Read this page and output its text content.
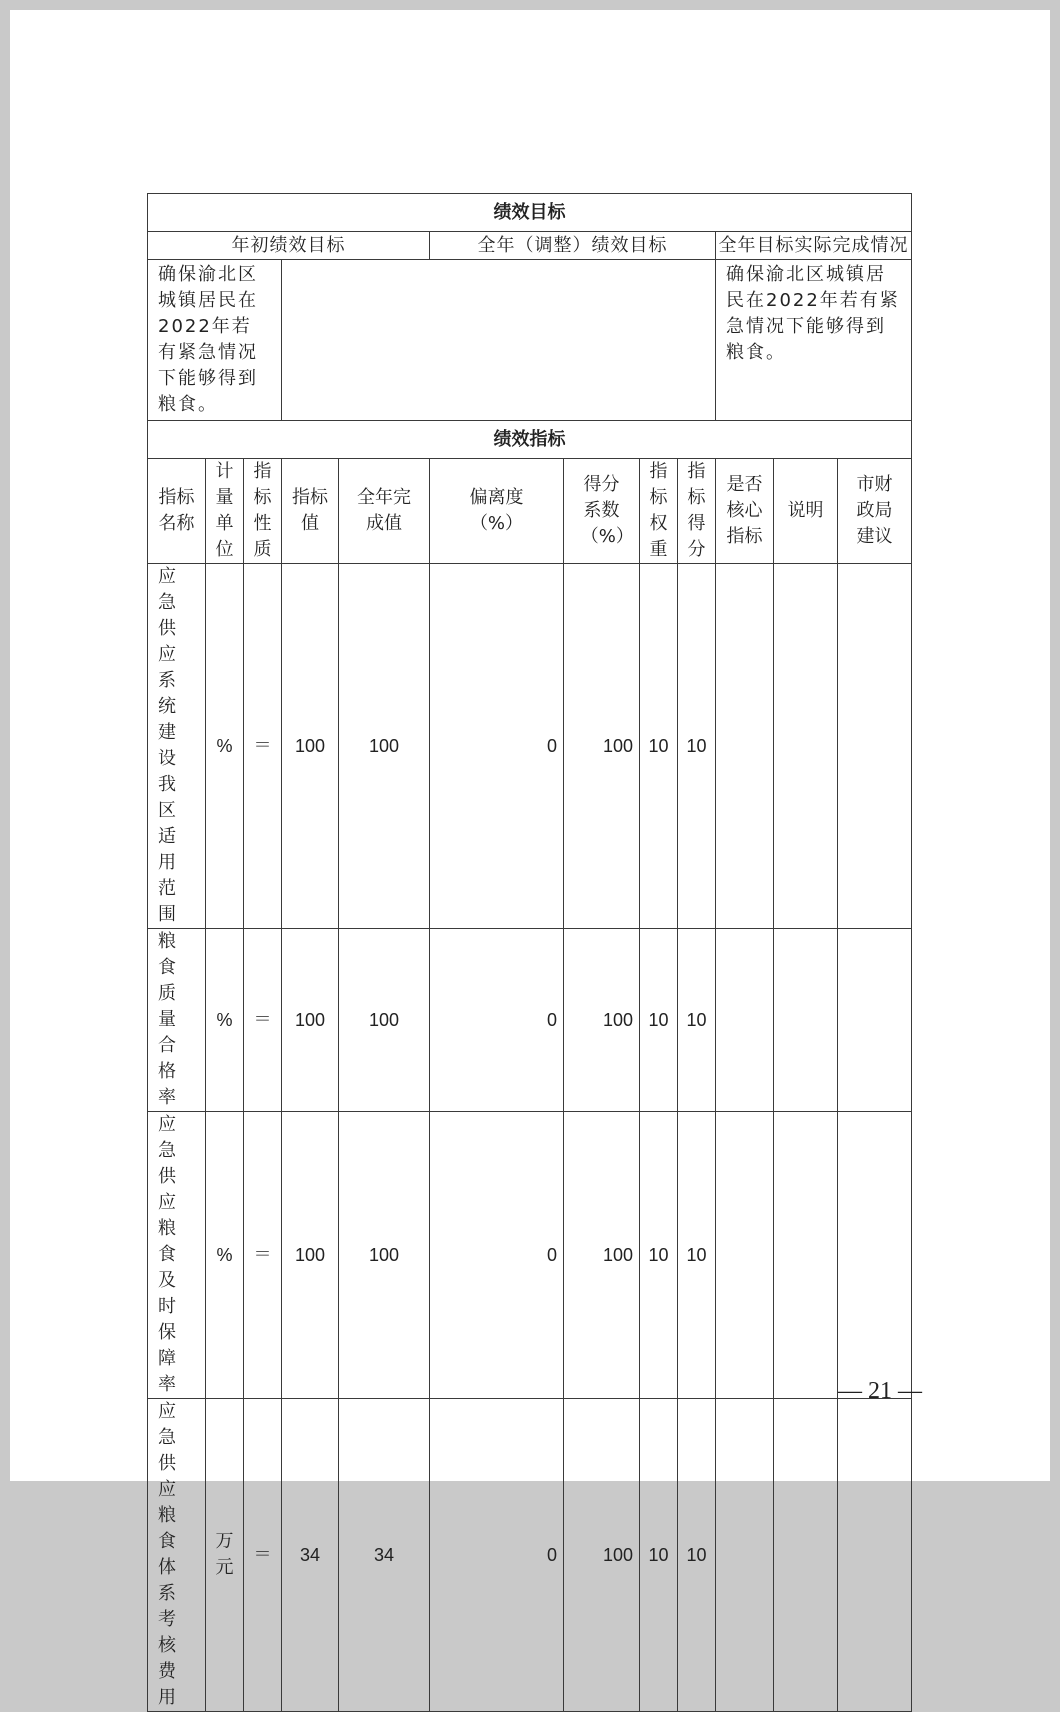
绩效目标											
年初绩效目标					全年（调整）绩效目标				全年目标实际完成情况		
确保渝北区城镇居民在2022年若有紧急情况下能够得到粮食。									确保渝北区城镇居民在2022年若有紧急情况下能够得到粮食。		
绩效指标											

指标名称	计量单位	指标性质	指标值	全年完成值	偏离度（%）	得分系数（%）	指标权重	指标得分	是否核心指标	说明	市财政局建议

应急供应系统建设我区适用范围	%	＝	100	100	0	100	10	10			
粮食质量合格率	%	＝	100	100	0	100	10	10			
应急供应粮食及时保障率	%	＝	100	100	0	100	10	10			
应急供应粮食体系考核费用	万元	＝	34	34	0	100	10	10			
— 21 —
